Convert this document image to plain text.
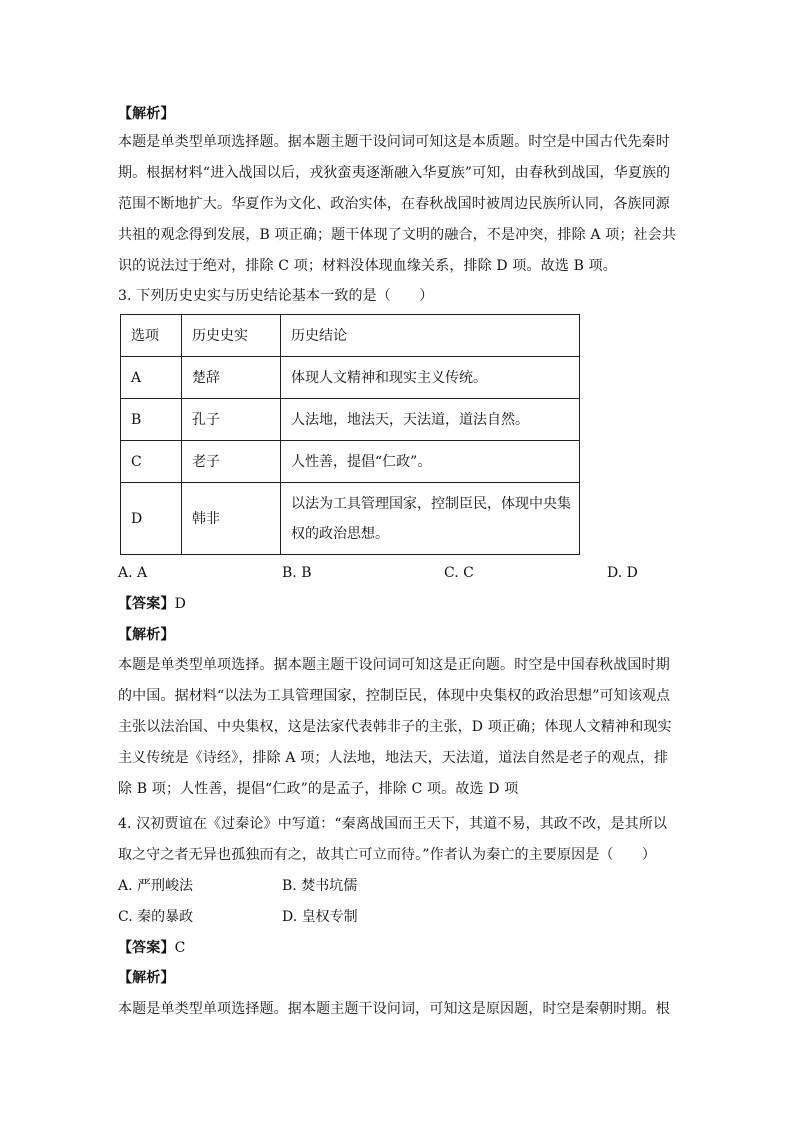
【解析】
本题是单类型单项选择题。据本题主题干设问词可知这是本质题。时空是中国古代先秦时
期。根据材料“进入战国以后，戎狄蛮夷逐渐融入华夏族”可知，由春秋到战国，华夏族的
范围不断地扩大。华夏作为文化、政治实体，在春秋战国时被周边民族所认同，各族同源
共祖的观念得到发展，B 项正确；题干体现了文明的融合，不是冲突，排除 A 项；社会共
识的说法过于绝对，排除 C 项；材料没体现血缘关系，排除 D 项。故选 B 项。
3. 下列历史史实与历史结论基本一致的是（　　）
选项	历史史实	历史结论
A	楚辞	体现人文精神和现实主义传统。
B	孔子	人法地，地法天，天法道，道法自然。
C	老子	人性善，提倡“仁政”。
D	韩非	以法为工具管理国家，控制臣民，体现中央集
权的政治思想。
A. A	B. B	C. C	D. D
【答案】D
【解析】
本题是单类型单项选择。据本题主题干设问词可知这是正向题。时空是中国春秋战国时期
的中国。据材料“以法为工具管理国家，控制臣民，体现中央集权的政治思想”可知该观点
主张以法治国、中央集权，这是法家代表韩非子的主张，D 项正确；体现人文精神和现实
主义传统是《诗经》，排除 A 项；人法地，地法天，天法道，道法自然是老子的观点，排
除 B 项；人性善，提倡“仁政”的是孟子，排除 C 项。故选 D 项
4. 汉初贾谊在《过秦论》中写道：“秦离战国而王天下，其道不易，其政不改，是其所以
取之守之者无异也孤独而有之，故其亡可立而待。”作者认为秦亡的主要原因是（　　）
A. 严刑峻法	B. 焚书坑儒
C. 秦的暴政	D. 皇权专制
【答案】C
【解析】
本题是单类型单项选择题。据本题主题干设问词，可知这是原因题，时空是秦朝时期。根
